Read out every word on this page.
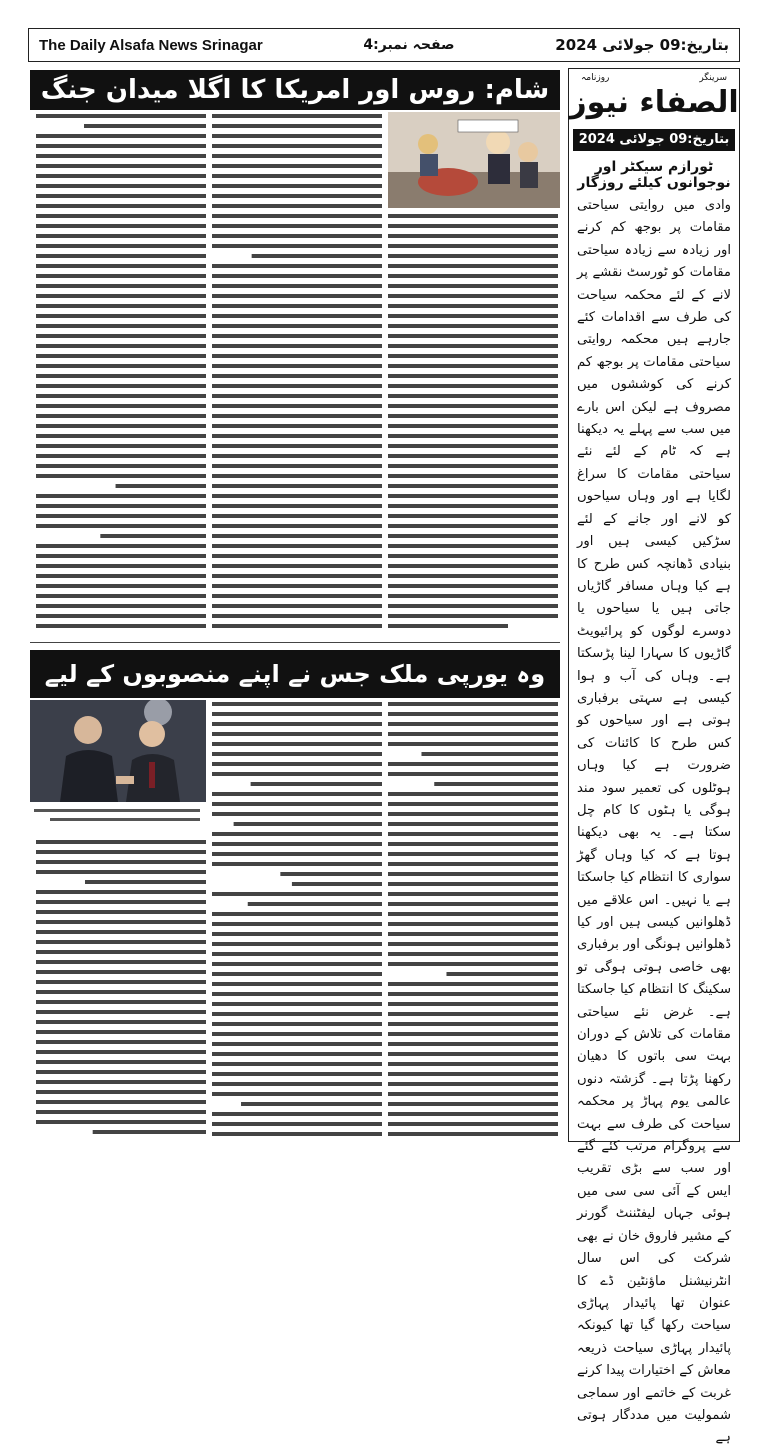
The Daily Alsafa News Srinagar	صفحہ نمبر:4	بتاریخ:09 جولائی 2024
شام: روس اور امریکا کا اگلا میدان جنگ
وہ یورپی ملک جس نے اپنے منصوبوں کے لیے
روزنامہ	سرینگر
الصفاء نیوز
بتاریخ:09 جولائی 2024
ٹورازم سیکٹر اور نوجوانوں کیلئے روزگار
وادی میں روایتی سیاحتی مقامات پر بوجھ کم کرنے اور زیادہ سے زیادہ سیاحتی مقامات کو ٹورسٹ نقشے پر لانے کے لئے محکمہ سیاحت کی طرف سے اقدامات کئے جارہے ہیں محکمہ روایتی سیاحتی مقامات پر بوجھ کم کرنے کی کوششوں میں مصروف ہے لیکن اس بارے میں سب سے پہلے یہ دیکھنا ہے کہ ٹام کے لئے نئے سیاحتی مقامات کا سراغ لگایا ہے اور وہاں سیاحوں کو لانے اور جانے کے لئے سڑکیں کیسی ہیں اور بنیادی ڈھانچہ کس طرح کا ہے کیا وہاں مسافر گاڑیاں جاتی ہیں یا سیاحوں یا دوسرے لوگوں کو پرائیویٹ گاڑیوں کا سہارا لینا پڑسکتا ہے۔ وہاں کی آب و ہوا کیسی ہے سہتی برفباری ہوتی ہے اور سیاحوں کو کس طرح کا کائنات کی ضرورت ہے کیا وہاں ہوٹلوں کی تعمیر سود مند ہوگی یا ہٹوں کا کام چل سکتا ہے۔ یہ بھی دیکھنا ہوتا ہے کہ کیا وہاں گھڑ سواری کا انتظام کیا جاسکتا ہے یا نہیں۔ اس علاقے میں ڈھلوانیں کیسی ہیں اور کیا ڈھلوانیں ہونگی اور برفباری بھی خاصی ہوتی ہوگی تو سکینگ کا انتظام کیا جاسکتا ہے۔ غرض نئے سیاحتی مقامات کی تلاش کے دوران بہت سی باتوں کا دھیان رکھنا پڑتا ہے۔ گزشتہ دنوں عالمی یوم پہاڑ پر محکمہ سیاحت کی طرف سے بہت سے پروگرام مرتب کئے گئے اور سب سے بڑی تقریب ایس کے آئی سی سی میں ہوئی جہاں لیفٹننٹ گورنر کے مشیر فاروق خان نے بھی شرکت کی اس سال انٹرنیشنل ماؤنٹین ڈے کا عنوان تھا پائیدار پہاڑی سیاحت رکھا گیا تھا کیونکہ پائیدار پہاڑی سیاحت ذریعہ معاش کے اختیارات پیدا کرنے غربت کے خاتمے اور سماجی شمولیت میں مددگار ہوتی ہے
